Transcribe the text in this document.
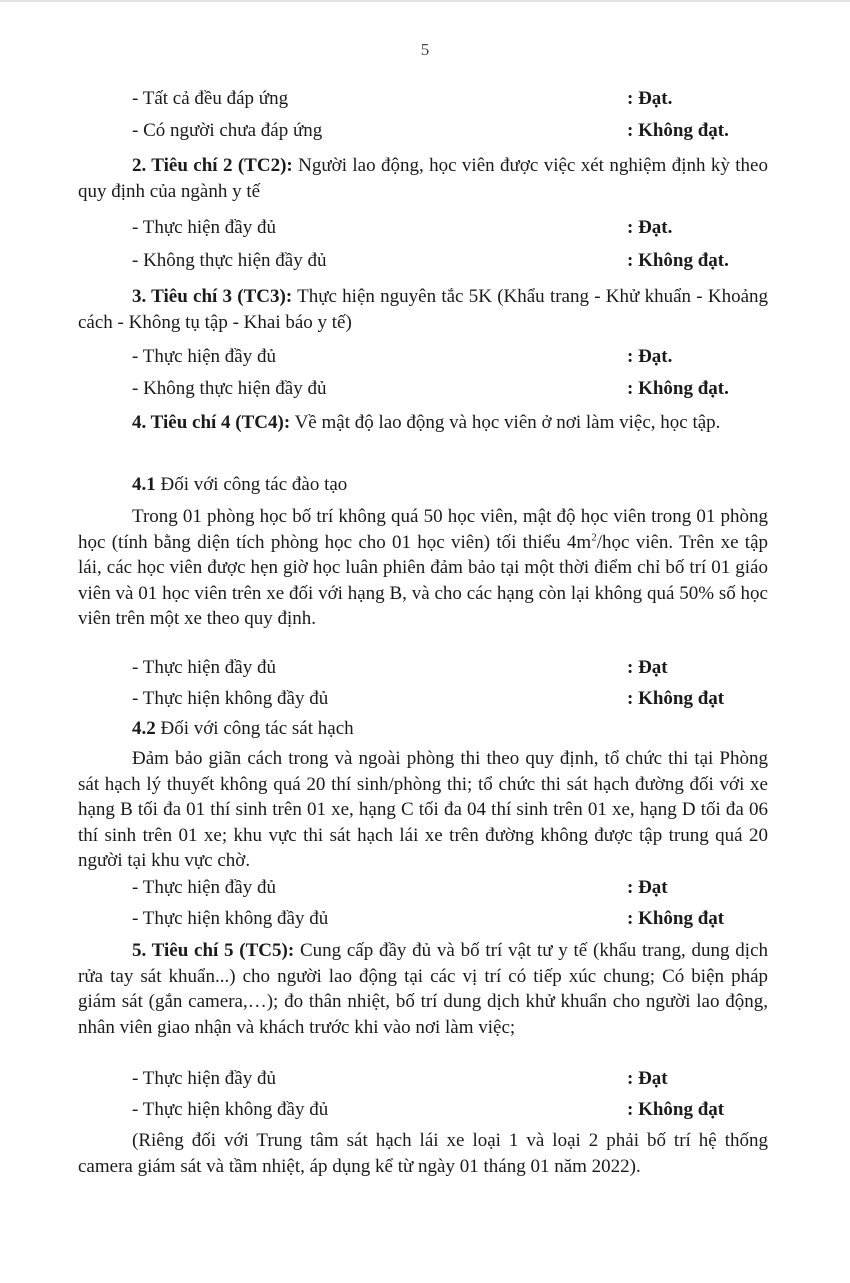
5
- Tất cả đều đáp ứng	: Đạt.
- Có người chưa đáp ứng	: Không đạt.
2. Tiêu chí 2 (TC2): Người lao động, học viên được việc xét nghiệm định kỳ theo quy định của ngành y tế
- Thực hiện đầy đủ	: Đạt.
- Không thực hiện đầy đủ	: Không đạt.
3. Tiêu chí 3 (TC3): Thực hiện nguyên tắc 5K (Khẩu trang - Khử khuẩn - Khoảng cách - Không tụ tập - Khai báo y tế)
- Thực hiện đầy đủ	: Đạt.
- Không thực hiện đầy đủ	: Không đạt.
4. Tiêu chí 4 (TC4): Về mật độ lao động và học viên ở nơi làm việc, học tập.
4.1 Đối với công tác đào tạo
Trong 01 phòng học bố trí không quá 50 học viên, mật độ học viên trong 01 phòng học (tính bằng diện tích phòng học cho 01 học viên) tối thiểu $4m^2$/học viên. Trên xe tập lái, các học viên được hẹn giờ học luân phiên đảm bảo tại một thời điểm chỉ bố trí 01 giáo viên và 01 học viên trên xe đối với hạng B, và cho các hạng còn lại không quá 50% số học viên trên một xe theo quy định.
- Thực hiện đầy đủ	: Đạt
- Thực hiện không đầy đủ	: Không đạt
4.2 Đối với công tác sát hạch
Đảm bảo giãn cách trong và ngoài phòng thi theo quy định, tổ chức thi tại Phòng sát hạch lý thuyết không quá 20 thí sinh/phòng thi; tổ chức thi sát hạch đường đối với xe hạng B tối đa 01 thí sinh trên 01 xe, hạng C tối đa 04 thí sinh trên 01 xe, hạng D tối đa 06 thí sinh trên 01 xe; khu vực thi sát hạch lái xe trên đường không được tập trung quá 20 người tại khu vực chờ.
- Thực hiện đầy đủ	: Đạt
- Thực hiện không đầy đủ	: Không đạt
5. Tiêu chí 5 (TC5): Cung cấp đầy đủ và bố trí vật tư y tế (khẩu trang, dung dịch rửa tay sát khuẩn...) cho người lao động tại các vị trí có tiếp xúc chung; Có biện pháp giám sát (gắn camera,…); đo thân nhiệt, bố trí dung dịch khử khuẩn cho người lao động, nhân viên giao nhận và khách trước khi vào nơi làm việc;
- Thực hiện đầy đủ	: Đạt
- Thực hiện không đầy đủ	: Không đạt
(Riêng đối với Trung tâm sát hạch lái xe loại 1 và loại 2 phải bố trí hệ thống camera giám sát và tầm nhiệt, áp dụng kể từ ngày 01 tháng 01 năm 2022).
